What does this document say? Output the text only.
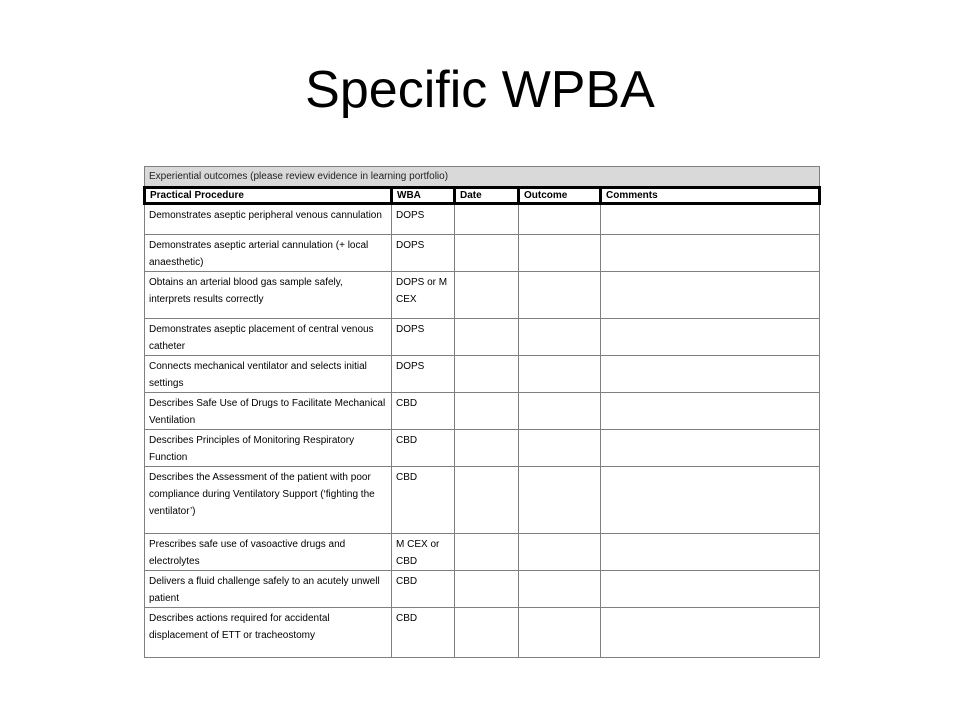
Specific WPBA
Experiential outcomes (please review evidence in learning portfolio)				
Practical Procedure	WBA	Date	Outcome	Comments
Demonstrates aseptic peripheral venous cannulation	DOPS			
Demonstrates aseptic arterial cannulation (+ local anaesthetic)	DOPS			
Obtains an arterial blood gas sample safely, interprets results correctly	DOPS or M CEX			
Demonstrates aseptic placement of central venous catheter	DOPS			
Connects mechanical ventilator and selects initial settings	DOPS			
Describes Safe Use of Drugs to Facilitate Mechanical Ventilation	CBD			
Describes Principles of Monitoring Respiratory Function	CBD			
Describes the Assessment of the patient with poor compliance during Ventilatory Support (‘fighting the ventilator’)	CBD			
Prescribes safe use of vasoactive drugs and electrolytes	M CEX or CBD			
Delivers a fluid challenge safely to an acutely unwell patient	CBD			
Describes actions required for accidental displacement of ETT or tracheostomy	CBD			
